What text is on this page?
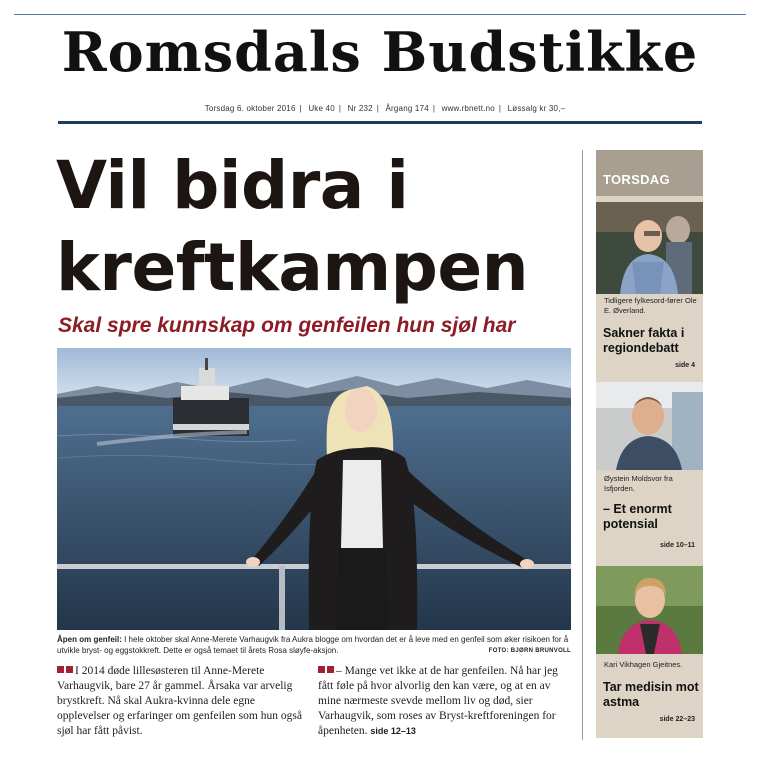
Romsdals Budstikke
Torsdag 6. oktober 2016 | Uke 40 | Nr 232 | Årgang 174 | www.rbnett.no | Løssalg kr 30,–
Vil bidra i
kreftkampen
Skal spre kunnskap om genfeilen hun sjøl har
Åpen om genfeil: I hele oktober skal Anne-Merete Varhaugvik fra Aukra blogge om hvordan det er å leve med en genfeil som øker risikoen for å utvikle bryst- og eggstokkreft. Dette er også temaet til årets Rosa sløyfe-aksjon.	FOTO: BJØRN BRUNVOLL
I 2014 døde lillesøsteren til Anne-Merete Varhaugvik, bare 27 år gammel. Årsaka var arvelig brystkreft. Nå skal Aukra-kvinna dele egne opplevelser og erfaringer om genfeilen som hun også sjøl har fått påvist.
– Mange vet ikke at de har genfeilen. Nå har jeg fått føle på hvor alvorlig den kan være, og at en av mine nærmeste svevde mellom liv og død, sier Varhaugvik, som roses av Bryst-kreftforeningen for åpenheten. side 12–13
TORSDAG
Tidligere fylkesord-fører Ole E. Øverland.
Sakner fakta i regiondebatt
side 4
Øystein Moldsvor fra Isfjorden.
– Et enormt potensial
side 10–11
Kari Vikhagen Gjeitnes.
Tar medisin mot astma
side 22–23
